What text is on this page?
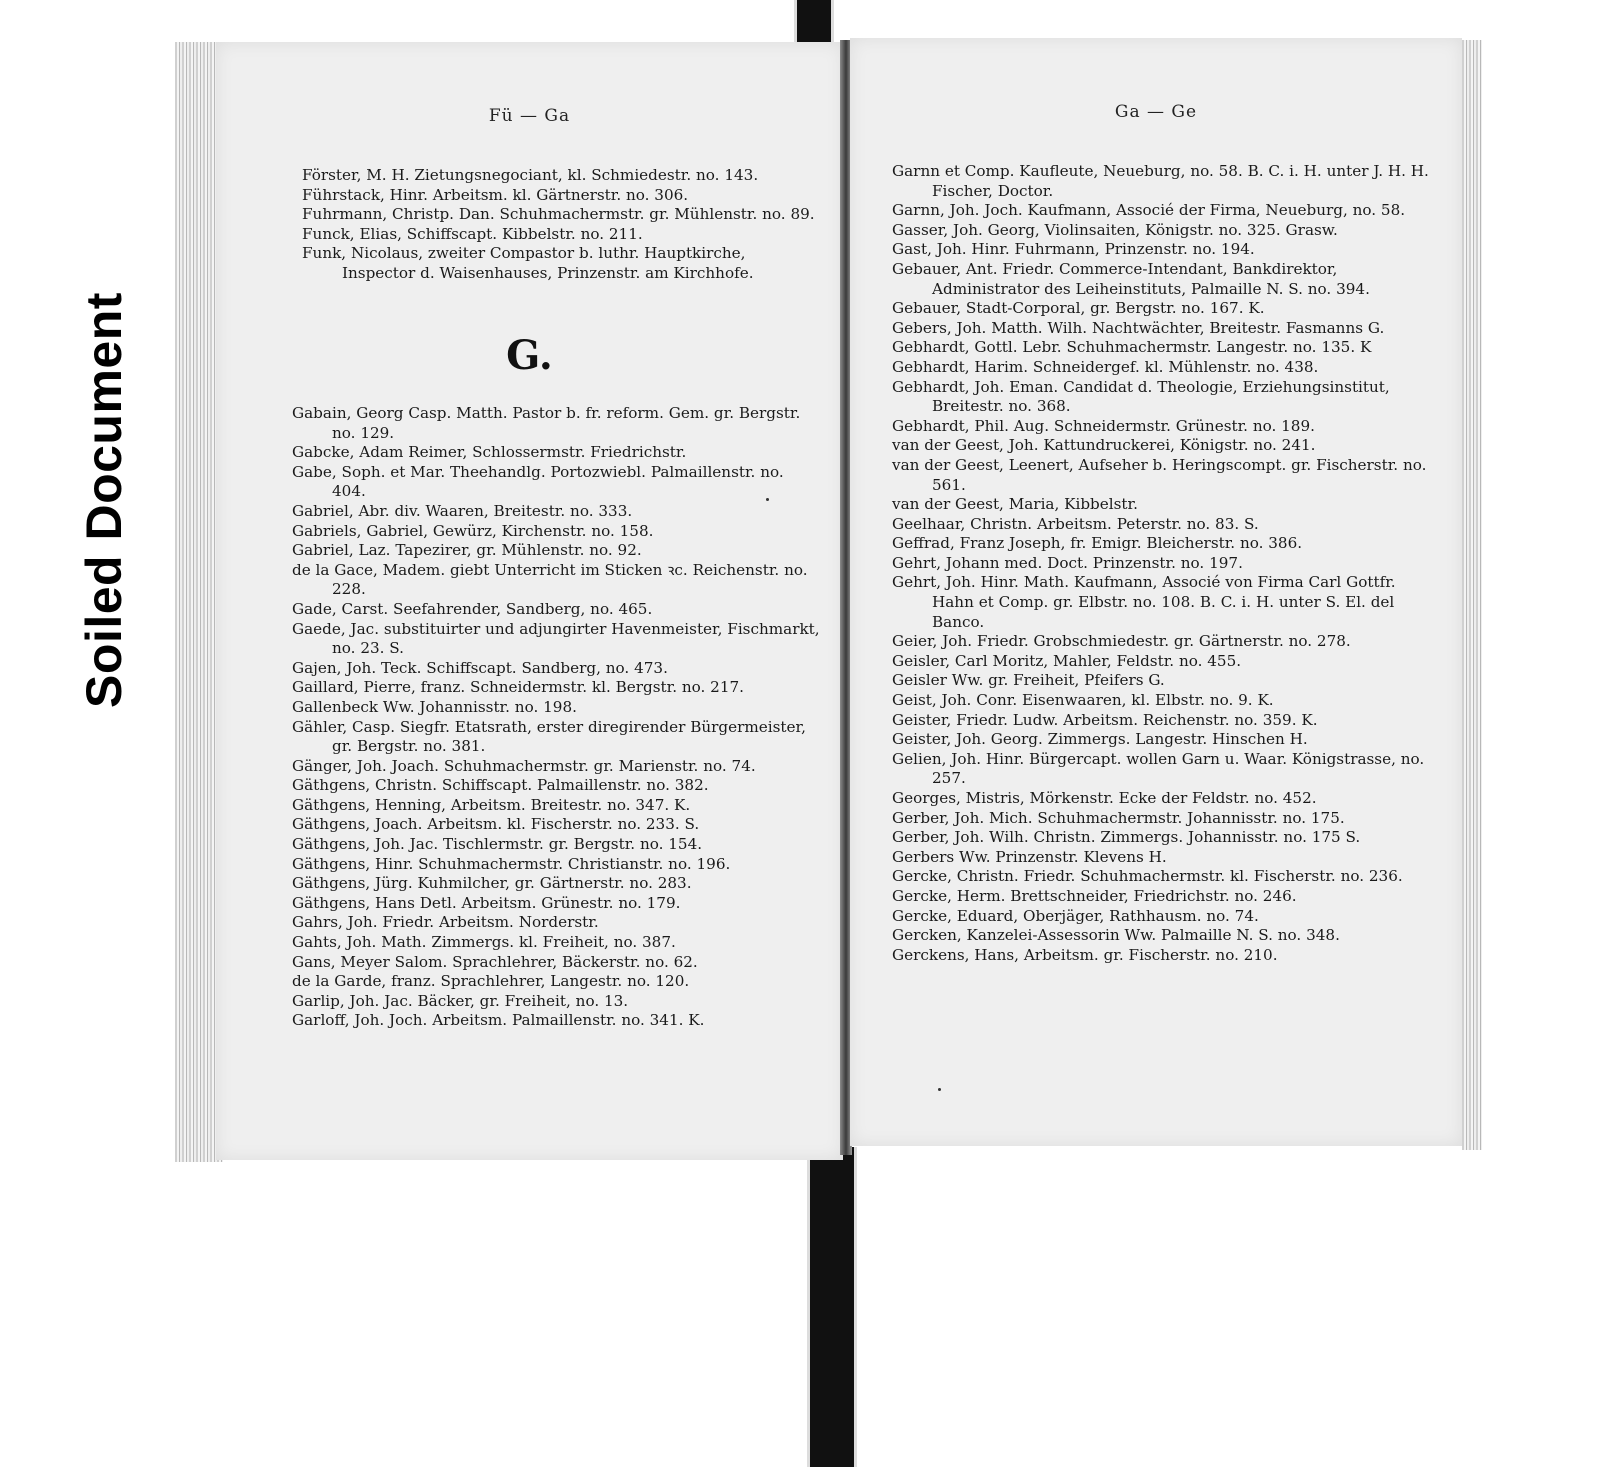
Soiled Document
Fü — Ga
Förster, M. H. Zietungsnegociant, kl. Schmiedestr. no. 143.
Führstack, Hinr. Arbeitsm. kl. Gärtnerstr. no. 306.
Fuhrmann, Christp. Dan. Schuhmachermstr. gr. Mühlenstr. no. 89.
Funck, Elias, Schiffscapt. Kibbelstr. no. 211.
Funk, Nicolaus, zweiter Compastor b. luthr. Hauptkirche, Inspector d. Waisenhauses, Prinzenstr. am Kirchhofe.
G.
Gabain, Georg Casp. Matth. Pastor b. fr. reform. Gem. gr. Bergstr. no. 129.
Gabcke, Adam Reimer, Schlossermstr. Friedrichstr.
Gabe, Soph. et Mar. Theehandlg. Portozwiebl. Palmaillenstr. no. 404.
Gabriel, Abr. div. Waaren, Breitestr. no. 333.
Gabriels, Gabriel, Gewürz, Kirchenstr. no. 158.
Gabriel, Laz. Tapezirer, gr. Mühlenstr. no. 92.
de la Gace, Madem. giebt Unterricht im Sticken ꝛc. Reichenstr. no. 228.
Gade, Carst. Seefahrender, Sandberg, no. 465.
Gaede, Jac. substituirter und adjungirter Havenmeister, Fischmarkt, no. 23. S.
Gajen, Joh. Teck. Schiffscapt. Sandberg, no. 473.
Gaillard, Pierre, franz. Schneidermstr. kl. Bergstr. no. 217.
Gallenbeck Ww. Johannisstr. no. 198.
Gähler, Casp. Siegfr. Etatsrath, erster diregirender Bürgermeister, gr. Bergstr. no. 381.
Gänger, Joh. Joach. Schuhmachermstr. gr. Marienstr. no. 74.
Gäthgens, Christn. Schiffscapt. Palmaillenstr. no. 382.
Gäthgens, Henning, Arbeitsm. Breitestr. no. 347. K.
Gäthgens, Joach. Arbeitsm. kl. Fischerstr. no. 233. S.
Gäthgens, Joh. Jac. Tischlermstr. gr. Bergstr. no. 154.
Gäthgens, Hinr. Schuhmachermstr. Christianstr. no. 196.
Gäthgens, Jürg. Kuhmilcher, gr. Gärtnerstr. no. 283.
Gäthgens, Hans Detl. Arbeitsm. Grünestr. no. 179.
Gahrs, Joh. Friedr. Arbeitsm. Norderstr.
Gahts, Joh. Math. Zimmergs. kl. Freiheit, no. 387.
Gans, Meyer Salom. Sprachlehrer, Bäckerstr. no. 62.
de la Garde, franz. Sprachlehrer, Langestr. no. 120.
Garlip, Joh. Jac. Bäcker, gr. Freiheit, no. 13.
Garloff, Joh. Joch. Arbeitsm. Palmaillenstr. no. 341. K.
Ga — Ge
Garnn et Comp. Kaufleute, Neueburg, no. 58. B. C. i. H. unter J. H. H. Fischer, Doctor.
Garnn, Joh. Joch. Kaufmann, Associé der Firma, Neueburg, no. 58.
Gasser, Joh. Georg, Violinsaiten, Königstr. no. 325. Grasw.
Gast, Joh. Hinr. Fuhrmann, Prinzenstr. no. 194.
Gebauer, Ant. Friedr. Commerce-Intendant, Bankdirektor, Administrator des Leiheinstituts, Palmaille N. S. no. 394.
Gebauer, Stadt-Corporal, gr. Bergstr. no. 167. K.
Gebers, Joh. Matth. Wilh. Nachtwächter, Breitestr. Fasmanns G.
Gebhardt, Gottl. Lebr. Schuhmachermstr. Langestr. no. 135. K
Gebhardt, Harim. Schneidergef. kl. Mühlenstr. no. 438.
Gebhardt, Joh. Eman. Candidat d. Theologie, Erziehungsinstitut, Breitestr. no. 368.
Gebhardt, Phil. Aug. Schneidermstr. Grünestr. no. 189.
van der Geest, Joh. Kattundruckerei, Königstr. no. 241.
van der Geest, Leenert, Aufseher b. Heringscompt. gr. Fischerstr. no. 561.
van der Geest, Maria, Kibbelstr.
Geelhaar, Christn. Arbeitsm. Peterstr. no. 83. S.
Geffrad, Franz Joseph, fr. Emigr. Bleicherstr. no. 386.
Gehrt, Johann med. Doct. Prinzenstr. no. 197.
Gehrt, Joh. Hinr. Math. Kaufmann, Associé von Firma Carl Gottfr. Hahn et Comp. gr. Elbstr. no. 108. B. C. i. H. unter S. El. del Banco.
Geier, Joh. Friedr. Grobschmiedestr. gr. Gärtnerstr. no. 278.
Geisler, Carl Moritz, Mahler, Feldstr. no. 455.
Geisler Ww. gr. Freiheit, Pfeifers G.
Geist, Joh. Conr. Eisenwaaren, kl. Elbstr. no. 9. K.
Geister, Friedr. Ludw. Arbeitsm. Reichenstr. no. 359. K.
Geister, Joh. Georg. Zimmergs. Langestr. Hinschen H.
Gelien, Joh. Hinr. Bürgercapt. wollen Garn u. Waar. Königstrasse, no. 257.
Georges, Mistris, Mörkenstr. Ecke der Feldstr. no. 452.
Gerber, Joh. Mich. Schuhmachermstr. Johannisstr. no. 175.
Gerber, Joh. Wilh. Christn. Zimmergs. Johannisstr. no. 175 S.
Gerbers Ww. Prinzenstr. Klevens H.
Gercke, Christn. Friedr. Schuhmachermstr. kl. Fischerstr. no. 236.
Gercke, Herm. Brettschneider, Friedrichstr. no. 246.
Gercke, Eduard, Oberjäger, Rathhausm. no. 74.
Gercken, Kanzelei-Assessorin Ww. Palmaille N. S. no. 348.
Gerckens, Hans, Arbeitsm. gr. Fischerstr. no. 210.
